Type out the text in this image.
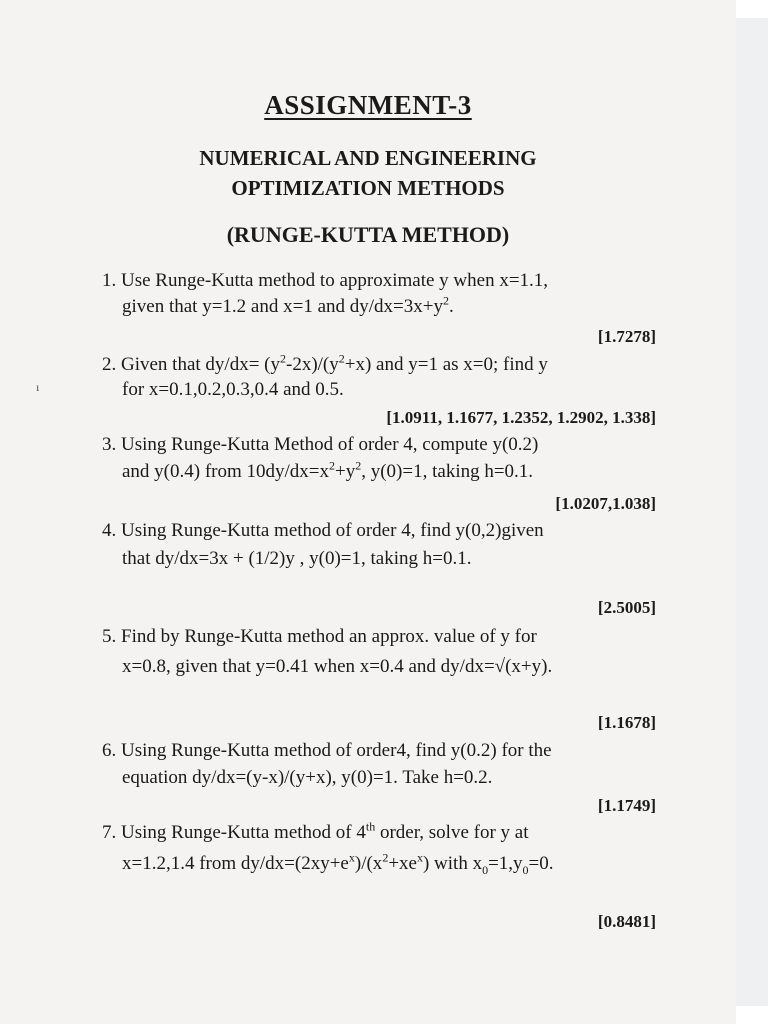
ASSIGNMENT-3
NUMERICAL AND ENGINEERING
OPTIMIZATION METHODS
(RUNGE-KUTTA METHOD)
ı
1. Use Runge-Kutta method to approximate y when x=1.1,
given that y=1.2 and x=1 and $dy/dx=3x+y^2$.
[1.7278]
2. Given that $dy/dx= (y^2-2x)/(y^2+x)$ and y=1 as x=0; find y
for x=0.1,0.2,0.3,0.4 and 0.5.
[1.0911, 1.1677, 1.2352, 1.2902, 1.338]
3. Using Runge-Kutta Method of order 4, compute y(0.2)
and y(0.4) from $10dy/dx=x^2+y^2$, y(0)=1, taking h=0.1.
[1.0207,1.038]
4. Using Runge-Kutta method of order 4, find y(0,2)given
that dy/dx=3x + (1/2)y , y(0)=1, taking h=0.1.
[2.5005]
5. Find by Runge-Kutta method an approx. value of y for
x=0.8, given that y=0.41 when x=0.4 and dy/dx=√(x+y).
[1.1678]
6. Using Runge-Kutta method of order4, find y(0.2) for the
equation dy/dx=(y-x)/(y+x), y(0)=1. Take h=0.2.
[1.1749]
7. Using Runge-Kutta method of 4th order, solve for y at
x=1.2,1.4 from $dy/dx=(2xy+e^x)/(x^2+xe^x)$ with $x_0=1,y_0=0$.
[0.8481]
